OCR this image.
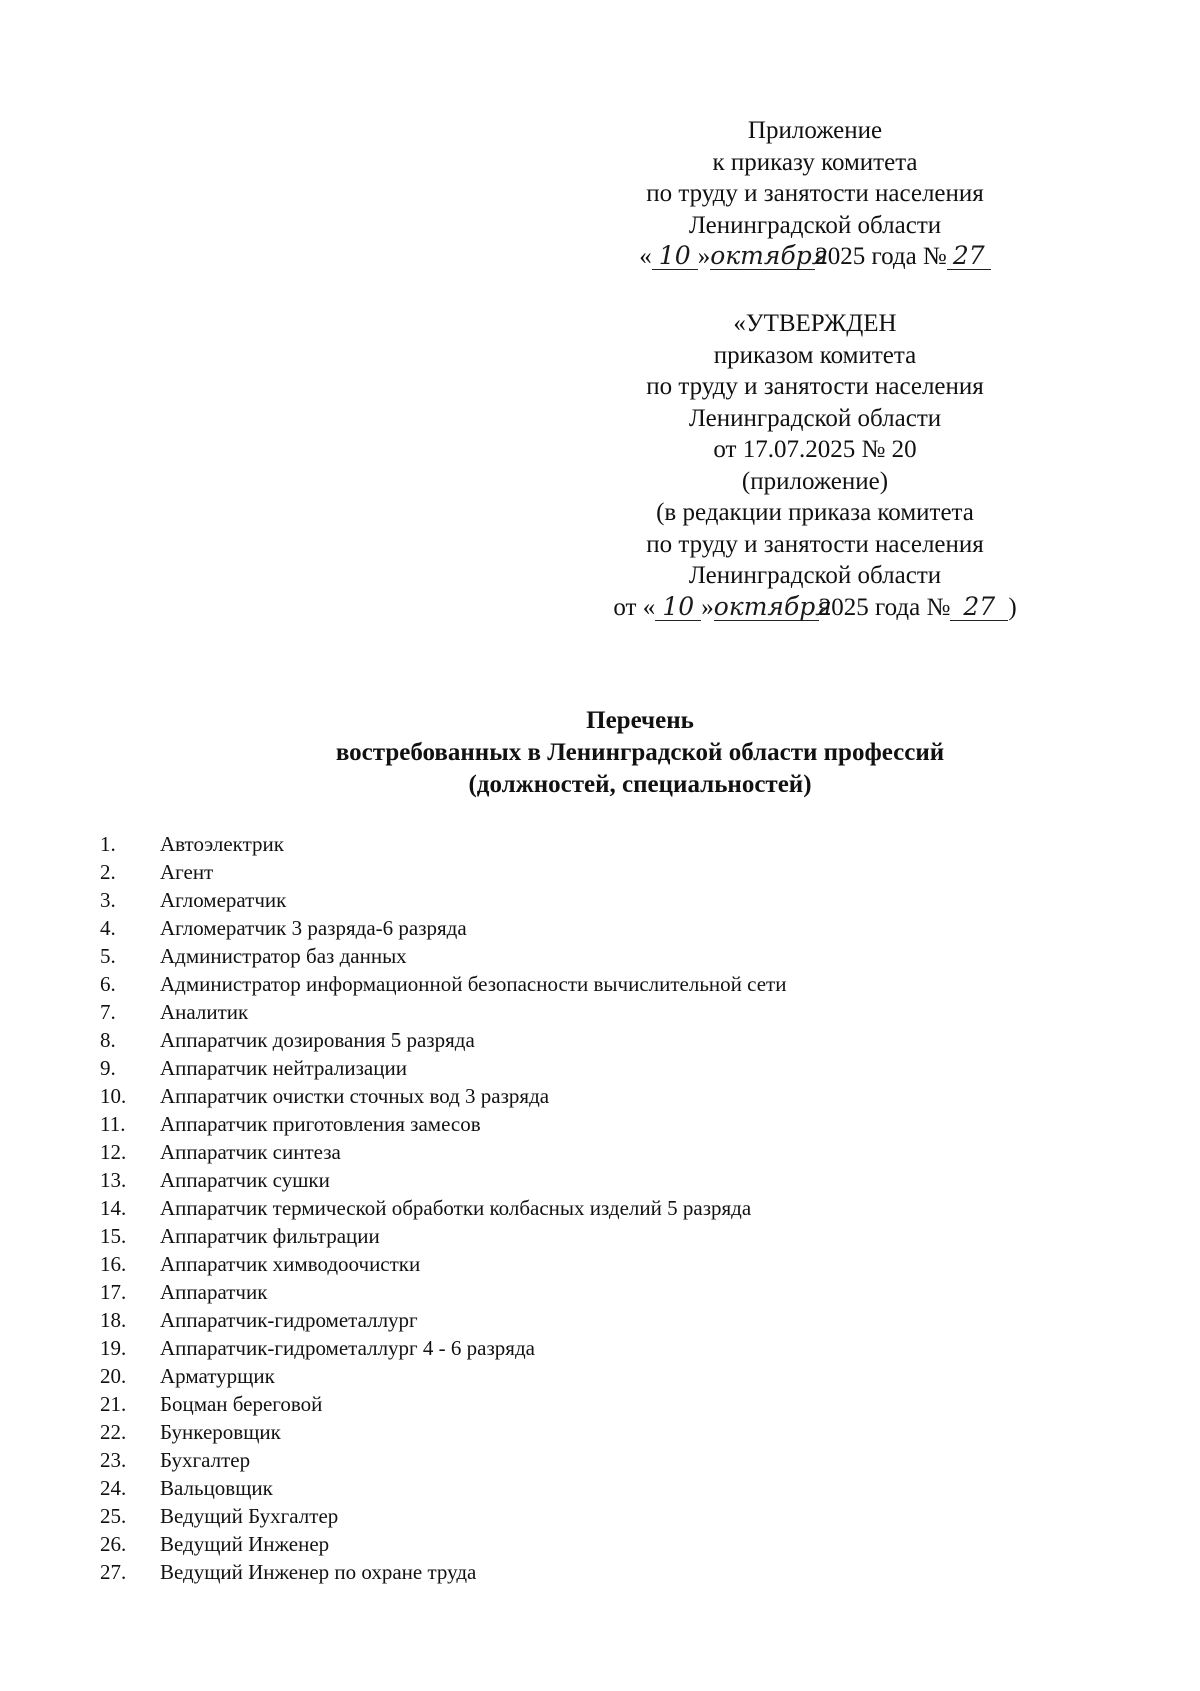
Приложение
к приказу комитета
по труду и занятости населения
Ленинградской области
« 10 »октября2025 года № 27
«УТВЕРЖДЕН
приказом комитета
по труду и занятости населения
Ленинградской области
от 17.07.2025 № 20
(приложение)
(в редакции приказа комитета
по труду и занятости населения
Ленинградской области
от « 10 »октября2025 года № 27 )
Перечень
востребованных в Ленинградской области профессий
(должностей, специальностей)
1.	Автоэлектрик
2.	Агент
3.	Агломератчик
4.	Агломератчик 3 разряда-6 разряда
5.	Администратор баз данных
6.	Администратор информационной безопасности вычислительной сети
7.	Аналитик
8.	Аппаратчик дозирования 5 разряда
9.	Аппаратчик нейтрализации
10.	Аппаратчик очистки сточных вод 3 разряда
11.	Аппаратчик приготовления замесов
12.	Аппаратчик синтеза
13.	Аппаратчик сушки
14.	Аппаратчик термической обработки колбасных изделий 5 разряда
15.	Аппаратчик фильтрации
16.	Аппаратчик химводоочистки
17.	Аппаратчик
18.	Аппаратчик-гидрометаллург
19.	Аппаратчик-гидрометаллург 4 - 6 разряда
20.	Арматурщик
21.	Боцман береговой
22.	Бункеровщик
23.	Бухгалтер
24.	Вальцовщик
25.	Ведущий Бухгалтер
26.	Ведущий Инженер
27.	Ведущий Инженер по охране труда
